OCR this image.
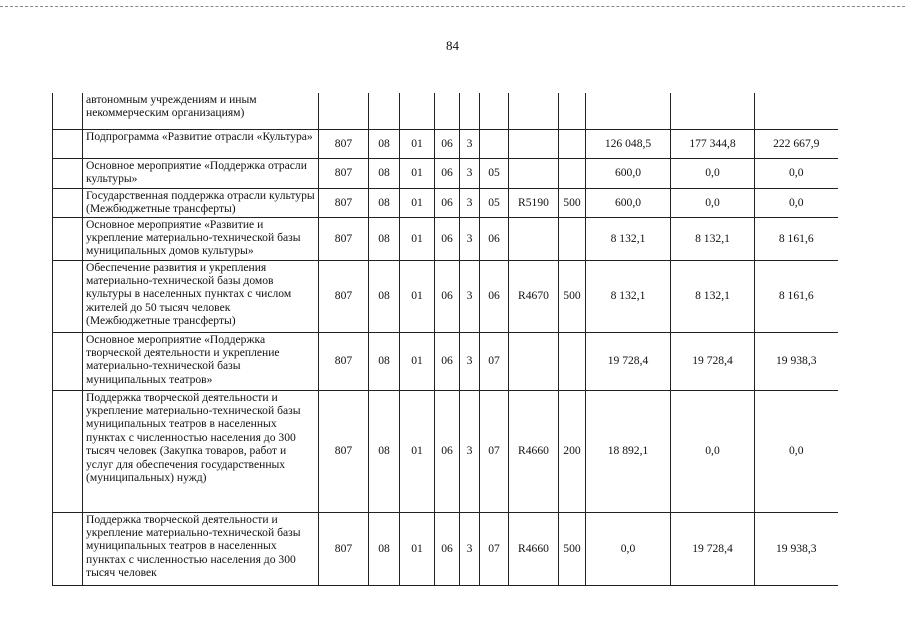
84
	автономным учреждениям и иным некоммерческим организациям)											
	Подпрограмма «Развитие отрасли «Культура»	807	08	01	06	3				126 048,5	177 344,8	222 667,9
	Основное мероприятие «Поддержка отрасли культуры»	807	08	01	06	3	05			600,0	0,0	0,0
	Государственная поддержка отрасли культуры (Межбюджетные трансферты)	807	08	01	06	3	05	R5190	500	600,0	0,0	0,0
	Основное мероприятие «Развитие и укрепление материально-технической базы муниципальных домов культуры»	807	08	01	06	3	06			8 132,1	8 132,1	8 161,6
	Обеспечение развития и укрепления материально-технической базы домов культуры в населенных пунктах с числом жителей до 50 тысяч человек (Межбюджетные трансферты)	807	08	01	06	3	06	R4670	500	8 132,1	8 132,1	8 161,6
	Основное мероприятие «Поддержка творческой деятельности и укрепление материально-технической базы муниципальных театров»	807	08	01	06	3	07			19 728,4	19 728,4	19 938,3
	Поддержка творческой деятельности и укрепление материально-технической базы муниципальных театров в населенных пунктах с численностью населения до 300 тысяч человек (Закупка товаров, работ и услуг для обеспечения государственных (муниципальных) нужд)	807	08	01	06	3	07	R4660	200	18 892,1	0,0	0,0
	Поддержка творческой деятельности и укрепление материально-технической базы муниципальных театров в населенных пунктах с численностью населения до 300 тысяч человек	807	08	01	06	3	07	R4660	500	0,0	19 728,4	19 938,3
